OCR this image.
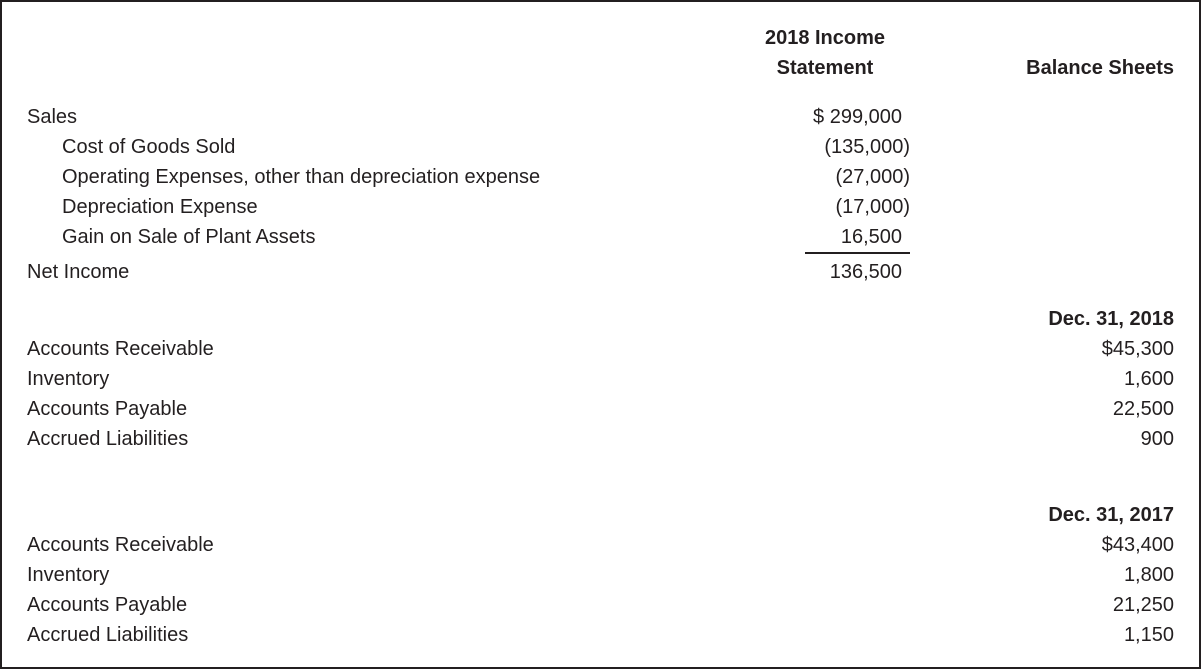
2018 Income Statement	Balance Sheets
Sales	$ 299,000
Cost of Goods Sold	(135,000)
Operating Expenses, other than depreciation expense	(27,000)
Depreciation Expense	(17,000)
Gain on Sale of Plant Assets	16,500
Net Income	136,500
Dec. 31, 2018
Accounts Receivable	$45,300
Inventory	1,600
Accounts Payable	22,500
Accrued Liabilities	900
Dec. 31, 2017
Accounts Receivable	$43,400
Inventory	1,800
Accounts Payable	21,250
Accrued Liabilities	1,150
